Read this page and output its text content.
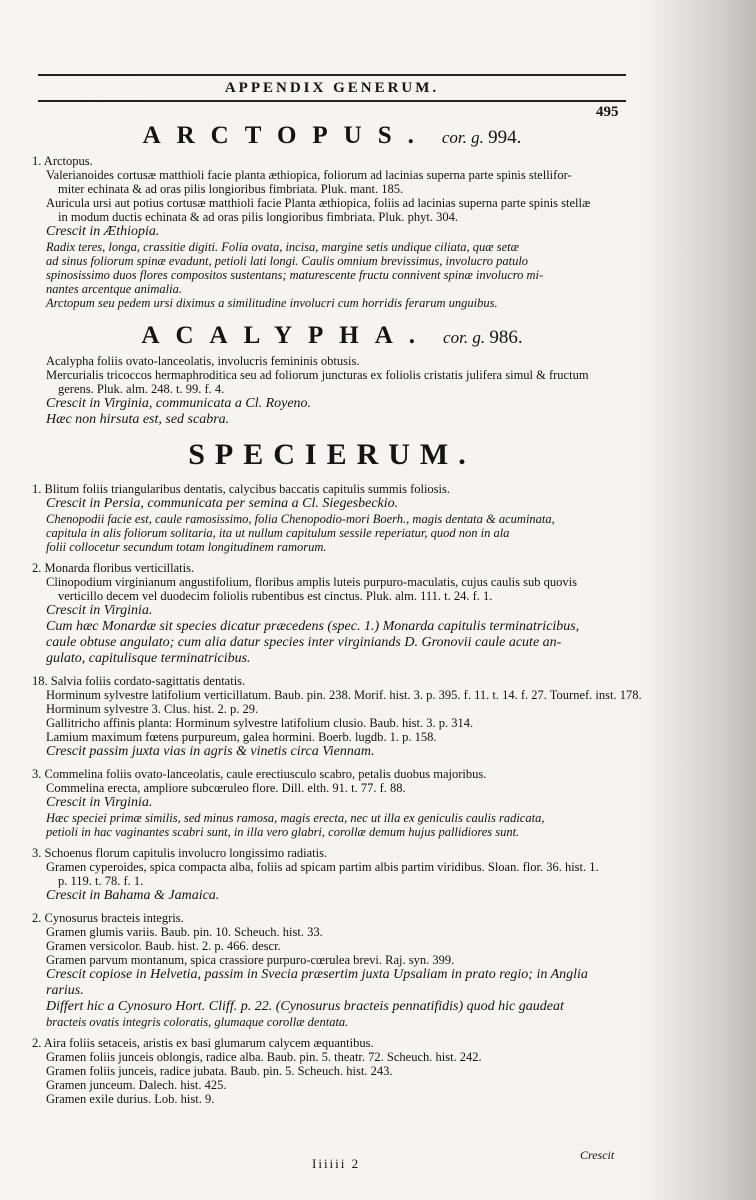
APPENDIX GENERUM.
495
ARCTOPUS. cor. g. 994.
1. Arctopus.
Valerianoides cortusæ matthioli facie planta æthiopica, foliorum ad lacinias superna parte spinis stellifor-
miter echinata & ad oras pilis longioribus fimbriata. Pluk. mant. 185.
Auricula ursi aut potius cortusæ matthioli facie Planta æthiopica, foliis ad lacinias superna parte spinis stellæ
in modum ductis echinata & ad oras pilis longioribus fimbriata. Pluk. phyt. 304.
Crescit in Æthiopia.
Radix teres, longa, crassitie digiti. Folia ovata, incisa, margine setis undique ciliata, quæ setæ
ad sinus foliorum spinæ evadunt, petioli lati longi. Caulis omnium brevissimus, involucro patulo
spinosissimo duos flores compositos sustentans; maturescente fructu connivent spinæ involucro mi-
nantes arcentque animalia.
Arctopum seu pedem ursi diximus a similitudine involucri cum horridis ferarum unguibus.
ACALYPHA. cor. g. 986.
Acalypha foliis ovato-lanceolatis, involucris femininis obtusis.
Mercurialis tricoccos hermaphroditica seu ad foliorum juncturas ex foliolis cristatis julifera simul & fructum
gerens. Pluk. alm. 248. t. 99. f. 4.
Crescit in Virginia, communicata a Cl. Royeno.
Hæc non hirsuta est, sed scabra.
SPECIERUM.
1. Blitum foliis triangularibus dentatis, calycibus baccatis capitulis summis foliosis.
Crescit in Persia, communicata per semina a Cl. Siegesbeckio.
Chenopodii facie est, caule ramosissimo, folia Chenopodio-mori Boerh., magis dentata & acuminata,
capitula in alis foliorum solitaria, ita ut nullum capitulum sessile reperiatur, quod non in ala
folii collocetur secundum totam longitudinem ramorum.
2. Monarda floribus verticillatis.
Clinopodium virginianum angustifolium, floribus amplis luteis purpuro-maculatis, cujus caulis sub quovis
verticillo decem vel duodecim foliolis rubentibus est cinctus. Pluk. alm. 111. t. 24. f. 1.
Crescit in Virginia.
Cum hæc Monardæ sit species dicatur præcedens (spec. 1.) Monarda capitulis terminatricibus,
caule obtuse angulato; cum alia datur species inter virginiands D. Gronovii caule acute an-
gulato, capitulisque terminatricibus.
18. Salvia foliis cordato-sagittatis dentatis.
Horminum sylvestre latifolium verticillatum. Baub. pin. 238. Morif. hist. 3. p. 395. f. 11. t. 14. f. 27. Tournef. inst. 178.
Horminum sylvestre 3. Clus. hist. 2. p. 29.
Gallitricho affinis planta: Horminum sylvestre latifolium clusio. Baub. hist. 3. p. 314.
Lamium maximum fœtens purpureum, galea hormini. Boerb. lugdb. 1. p. 158.
Crescit passim juxta vias in agris & vinetis circa Viennam.
3. Commelina foliis ovato-lanceolatis, caule erectiusculo scabro, petalis duobus majoribus.
Commelina erecta, ampliore subcœruleo flore. Dill. elth. 91. t. 77. f. 88.
Crescit in Virginia.
Hæc speciei primæ similis, sed minus ramosa, magis erecta, nec ut illa ex geniculis caulis radicata,
petioli in hac vaginantes scabri sunt, in illa vero glabri, corollæ demum hujus pallidiores sunt.
3. Schoenus florum capitulis involucro longissimo radiatis.
Gramen cyperoides, spica compacta alba, foliis ad spicam partim albis partim viridibus. Sloan. flor. 36. hist. 1.
p. 119. t. 78. f. 1.
Crescit in Bahama & Jamaica.
2. Cynosurus bracteis integris.
Gramen glumis variis. Baub. pin. 10. Scheuch. hist. 33.
Gramen versicolor. Baub. hist. 2. p. 466. descr.
Gramen parvum montanum, spica crassiore purpuro-cœrulea brevi. Raj. syn. 399.
Crescit copiose in Helvetia, passim in Svecia præsertim juxta Upsaliam in prato regio; in Anglia
rarius.
Differt hic a Cynosuro Hort. Cliff. p. 22. (Cynosurus bracteis pennatifidis) quod hic gaudeat
bracteis ovatis integris coloratis, glumaque corollæ dentata.
2. Aira foliis setaceis, aristis ex basi glumarum calycem æquantibus.
Gramen foliis junceis oblongis, radice alba. Baub. pin. 5. theatr. 72. Scheuch. hist. 242.
Gramen foliis junceis, radice jubata. Baub. pin. 5. Scheuch. hist. 243.
Gramen junceum. Dalech. hist. 425.
Gramen exile durius. Lob. hist. 9.
Iiiiii 2
Crescit
